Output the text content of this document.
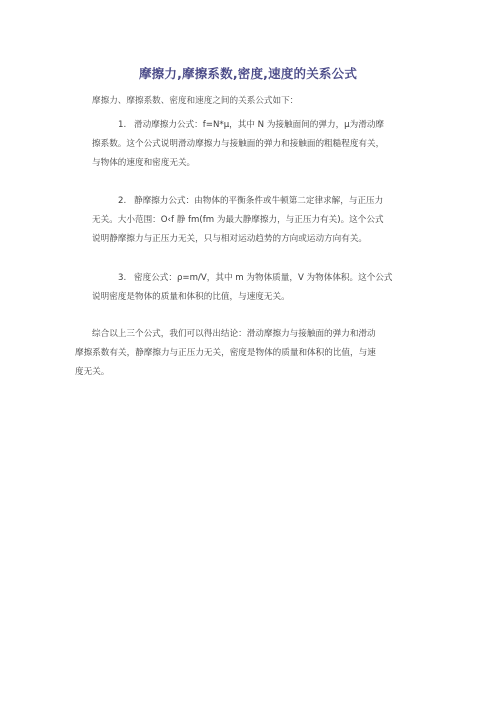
摩擦力,摩擦系数,密度,速度的关系公式
摩擦力、摩擦系数、密度和速度之间的关系公式如下：
1. 滑动摩擦力公式：f=N*μ，其中 N 为接触面间的弹力，μ为滑动摩
擦系数。这个公式说明滑动摩擦力与接触面的弹力和接触面的粗糙程度有关，
与物体的速度和密度无关。
2. 静摩擦力公式：由物体的平衡条件或牛顿第二定律求解，与正压力
无关。大小范围：O‹f 静 fm(fm 为最大静摩擦力，与正压力有关)。这个公式
说明静摩擦力与正压力无关，只与相对运动趋势的方向或运动方向有关。
3. 密度公式：ρ=m/V，其中 m 为物体质量，V 为物体体积。这个公式
说明密度是物体的质量和体积的比值，与速度无关。
综合以上三个公式，我们可以得出结论：滑动摩擦力与接触面的弹力和滑动
摩擦系数有关，静摩擦力与正压力无关，密度是物体的质量和体积的比值，与速
度无关。
